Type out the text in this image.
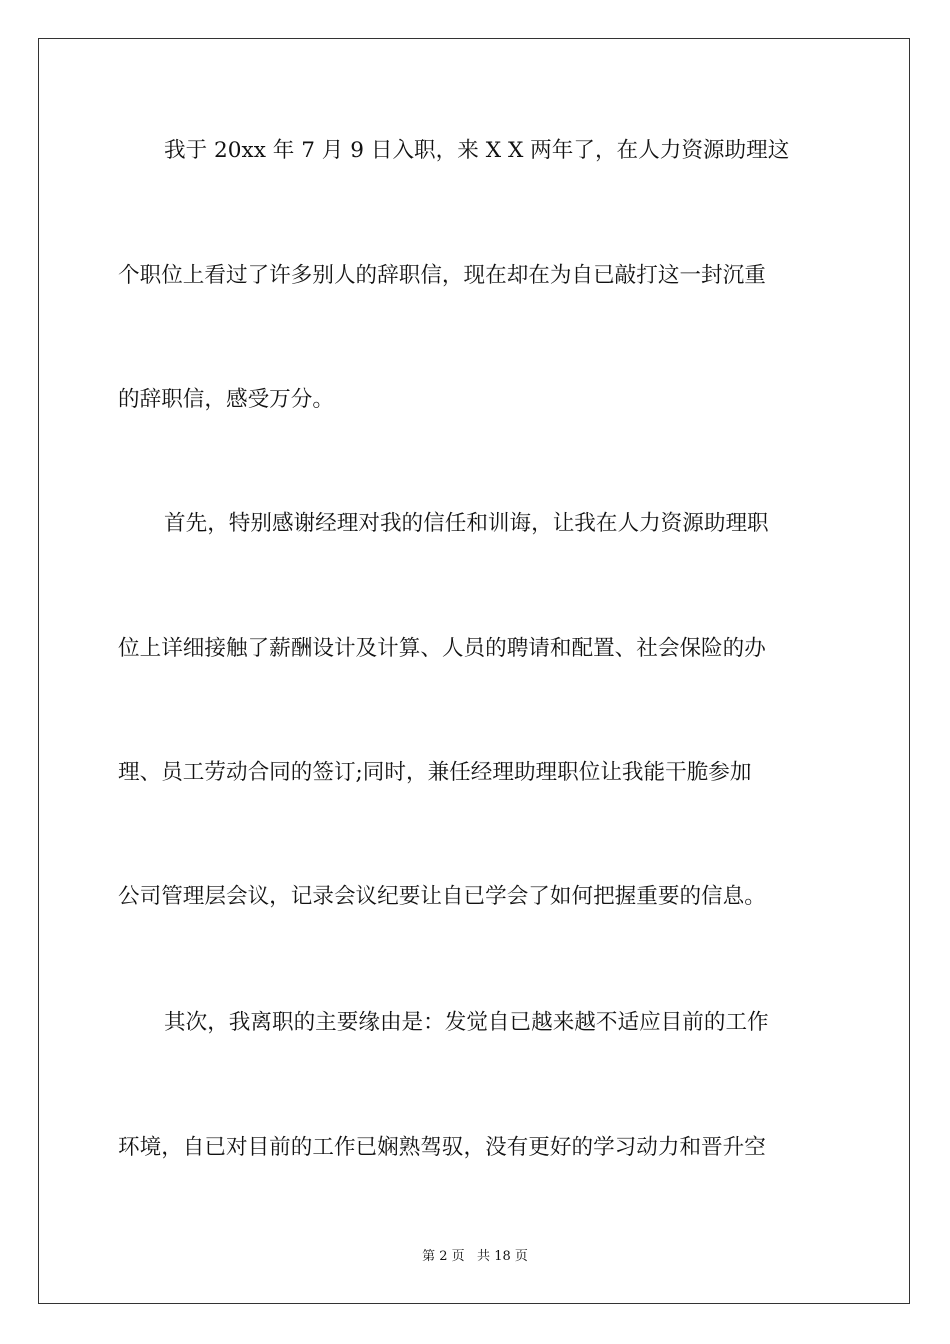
我于 20xx 年 7 月 9 日入职，来 X X 两年了，在人力资源助理这
个职位上看过了许多别人的辞职信，现在却在为自已敲打这一封沉重
的辞职信，感受万分。
首先，特别感谢经理对我的信任和训诲，让我在人力资源助理职
位上详细接触了薪酬设计及计算、人员的聘请和配置、社会保险的办
理、员工劳动合同的签订;同时，兼任经理助理职位让我能干脆参加
公司管理层会议，记录会议纪要让自已学会了如何把握重要的信息。
其次，我离职的主要缘由是：发觉自已越来越不适应目前的工作
环境，自已对目前的工作已娴熟驾驭，没有更好的学习动力和晋升空
第 2 页   共 18 页
